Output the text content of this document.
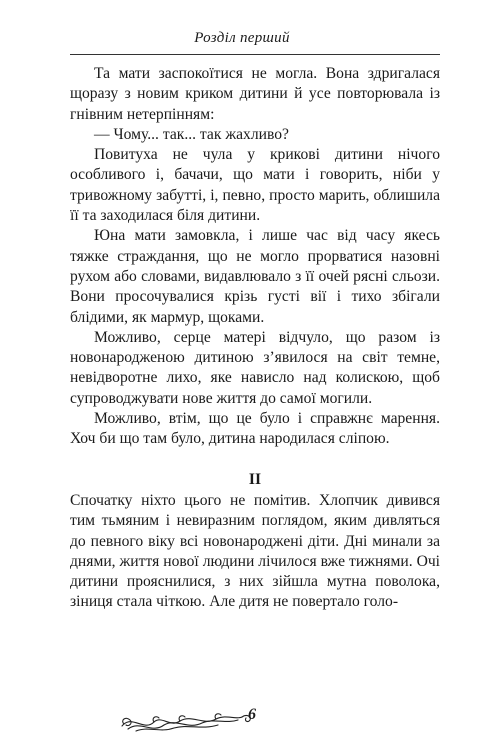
Розділ перший

Та мати заспокоїтися не могла. Вона здригалася щоразу з новим криком дитини й усе повторювала із гнівним нетерпінням:

— Чому... так... так жахливо?

Повитуха не чула у крикові дитини нічого особливого і, бачачи, що мати і говорить, ніби у тривожному забутті, і, певно, просто марить, облишила її та заходилася біля дитини.

Юна мати замовкла, і лише час від часу якесь тяжке страждання, що не могло прорватися назовні рухом або словами, видавлювало з її очей рясні сльози. Вони просочувалися крізь густі вії і тихо збігали блідими, як мармур, щоками.

Можливо, серце матері відчуло, що разом із новонародженою дитиною з’явилося на світ темне, невідворотне лихо, яке нависло над колискою, щоб супроводжувати нове життя до самої могили.

Можливо, втім, що це було і справжнє марення. Хоч би що там було, дитина народилася сліпою.

II

Спочатку ніхто цього не помітив. Хлопчик дивився тим тьмяним і невиразним поглядом, яким дивляться до певного віку всі новонароджені діти. Дні минали за днями, життя нової людини лічилося вже тижнями. Очі дитини прояснилися, з них зійшла мутна поволока, зіниця стала чіткою. Але дитя не повертало голо-

6
